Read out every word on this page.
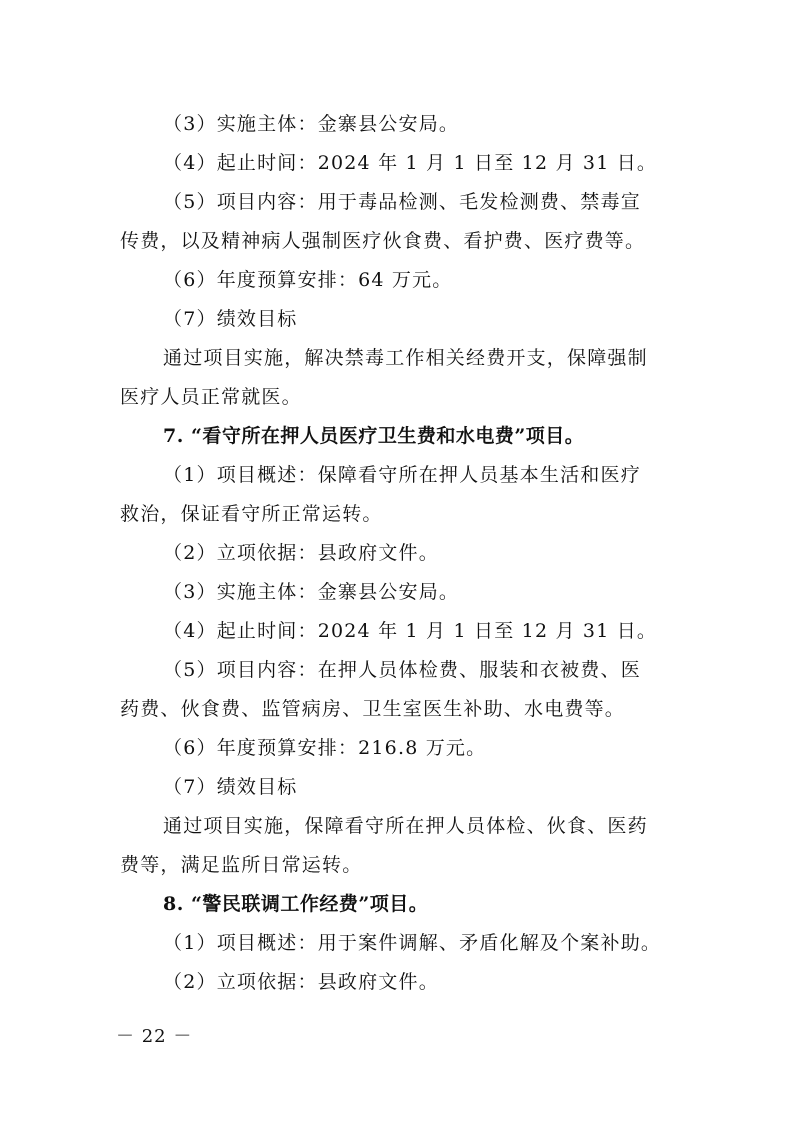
（3）实施主体：金寨县公安局。
（4）起止时间：2024 年 1 月 1 日至 12 月 31 日。
（5）项目内容：用于毒品检测、毛发检测费、禁毒宣
传费，以及精神病人强制医疗伙食费、看护费、医疗费等。
（6）年度预算安排：64 万元。
（7）绩效目标
通过项目实施，解决禁毒工作相关经费开支，保障强制
医疗人员正常就医。
7. “看守所在押人员医疗卫生费和水电费”项目。
（1）项目概述：保障看守所在押人员基本生活和医疗
救治，保证看守所正常运转。
（2）立项依据：县政府文件。
（3）实施主体：金寨县公安局。
（4）起止时间：2024 年 1 月 1 日至 12 月 31 日。
（5）项目内容：在押人员体检费、服装和衣被费、医
药费、伙食费、监管病房、卫生室医生补助、水电费等。
（6）年度预算安排：216.8 万元。
（7）绩效目标
通过项目实施，保障看守所在押人员体检、伙食、医药
费等，满足监所日常运转。
8. “警民联调工作经费”项目。
（1）项目概述：用于案件调解、矛盾化解及个案补助。
（2）立项依据：县政府文件。
－ 22 －
